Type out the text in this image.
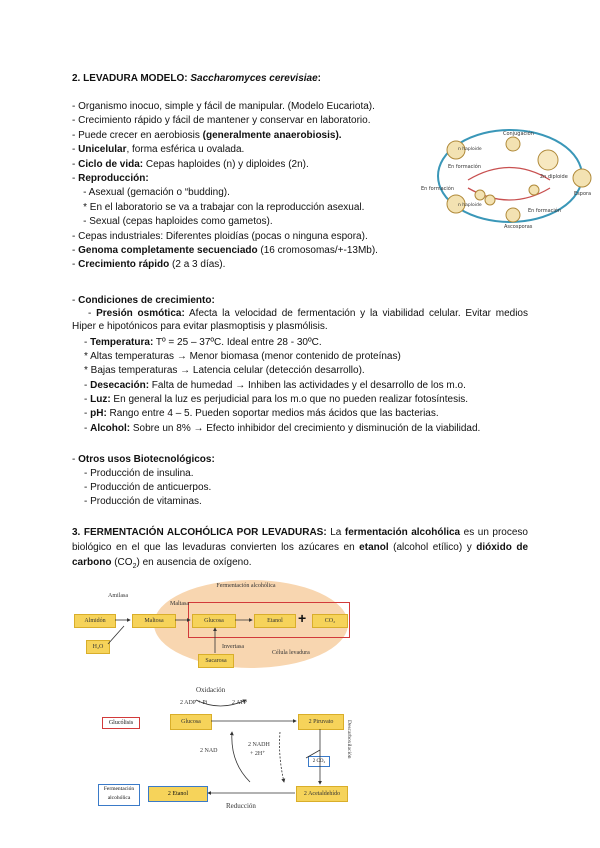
2. LEVADURA MODELO: Saccharomyces cerevisiae:
- Organismo inocuo, simple y fácil de manipular. (Modelo Eucariota).
- Crecimiento rápido y fácil de mantener y conservar en laboratorio.
- Puede crecer en aerobiosis (generalmente anaerobiosis).
- Unicelular, forma esférica u ovalada.
- Ciclo de vida: Cepas haploides (n) y diploides (2n).
- Reproducción:
- Asexual (gemación o “budding).
* En el laboratorio se va a trabajar con la reproducción asexual.
- Sexual (cepas haploides como gametos).
- Cepas industriales: Diferentes ploidías (pocas o ninguna espora).
- Genoma completamente secuenciado (16 cromosomas/+-13Mb).
- Crecimiento rápido (2 a 3 días).
En formación
En formación
Conjugación
2n diploide
Espora
Ascosporas
n haploide
n haploide
En formación
- Condiciones de crecimiento:
- Presión osmótica: Afecta la velocidad de fermentación y la viabilidad celular. Evitar medios Hiper e hipotónicos para evitar plasmoptisis y plasmólisis.
- Temperatura: Tº = 25 – 37ºC. Ideal entre 28 - 30ºC.
* Altas temperaturas → Menor biomasa (menor contenido de proteínas)
* Bajas temperaturas → Latencia celular (detección desarrollo).
- Desecación: Falta de humedad → Inhiben las actividades y el desarrollo de los m.o.
- Luz: En general la luz es perjudicial para los m.o que no pueden realizar fotosíntesis.
- pH: Rango entre 4 – 5. Pueden soportar medios más ácidos que las bacterias.
- Alcohol: Sobre un 8% → Efecto inhibidor del crecimiento y disminución de la viabilidad.
- Otros usos Biotecnológicos:
- Producción de insulina.
- Producción de anticuerpos.
- Producción de vitaminas.
3. FERMENTACIÓN ALCOHÓLICA POR LEVADURAS: La fermentación alcohólica es un proceso biológico en el que las levaduras convierten los azúcares en etanol (alcohol etílico) y dióxido de carbono $(CO_2)$ en ausencia de oxígeno.
Fermentación alcohólica
Amilasa
Maltasa
Invertasa
Célula levadura
Almidón	Maltosa	Glucosa	Etanol	+	CO₂
H₂O
Sacarosa
Oxidación
2 ADP + Pi	2 ATP
Glucólisis	Glucosa	2 Piruvato
2 NADH
+ 2H⁺
2 NAD
2 CO₂
Fermentación alcohólica
2 Etanol	2 Acetaldehído
Reducción
Descarboxilación
